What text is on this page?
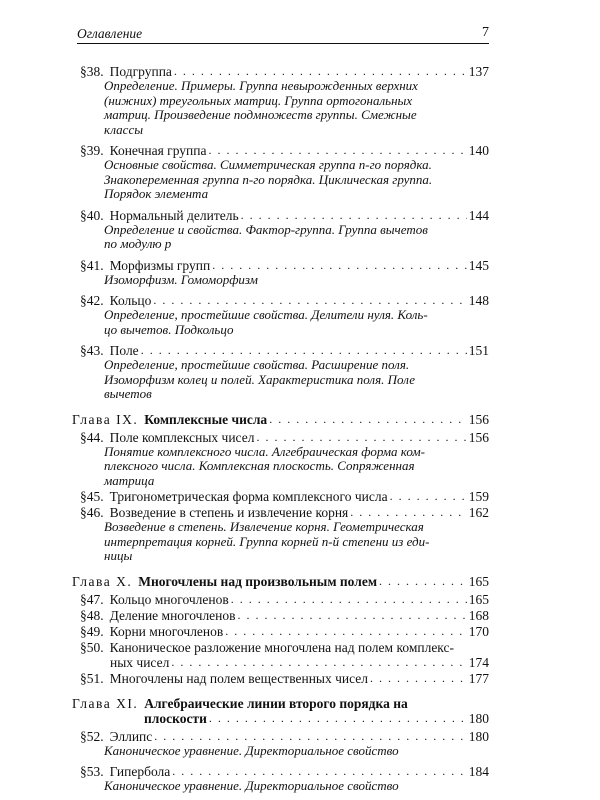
Оглавление	7
§38. Подгруппа . . .	137
Определение. Примеры. Группа невырожденных верхних
(нижних) треугольных матриц. Группа ортогональных
матриц. Произведение подмножеств группы. Смежные
классы
§39. Конечная группа . . .	140
Основные свойства. Симметрическая группа n-го порядка.
Знакопеременная группа n-го порядка. Циклическая группа.
Порядок элемента
§40. Нормальный делитель . . .	144
Определение и свойства. Фактор-группа. Группа вычетов
по модулю p
§41. Морфизмы групп . . .	145
Изоморфизм. Гомоморфизм
§42. Кольцо . . .	148
Определение, простейшие свойства. Делители нуля. Коль-
цо вычетов. Подкольцо
§43. Поле . . .	151
Определение, простейшие свойства. Расширение поля.
Изоморфизм колец и полей. Характеристика поля. Поле
вычетов
Глава IX. Комплексные числа . . .	156
§44. Поле комплексных чисел . . .	156
Понятие комплексного числа. Алгебраическая форма ком-
плексного числа. Комплексная плоскость. Сопряженная
матрица
§45. Тригонометрическая форма комплексного числа . . .	159
§46. Возведение в степень и извлечение корня . . .	162
Возведение в степень. Извлечение корня. Геометрическая
интерпретация корней. Группа корней n-й степени из еди-
ницы
Глава X. Многочлены над произвольным полем . . .	165
§47. Кольцо многочленов . . .	165
§48. Деление многочленов . . .	168
§49. Корни многочленов . . .	170
§50. Каноническое разложение многочлена над полем комплекс-
ных чисел . . .	174
§51. Многочлены над полем вещественных чисел . . .	177
Глава XI. Алгебраические линии второго порядка на
плоскости . . .	180
§52. Эллипс . . .	180
Каноническое уравнение. Директориальное свойство
§53. Гипербола . . .	184
Каноническое уравнение. Директориальное свойство
